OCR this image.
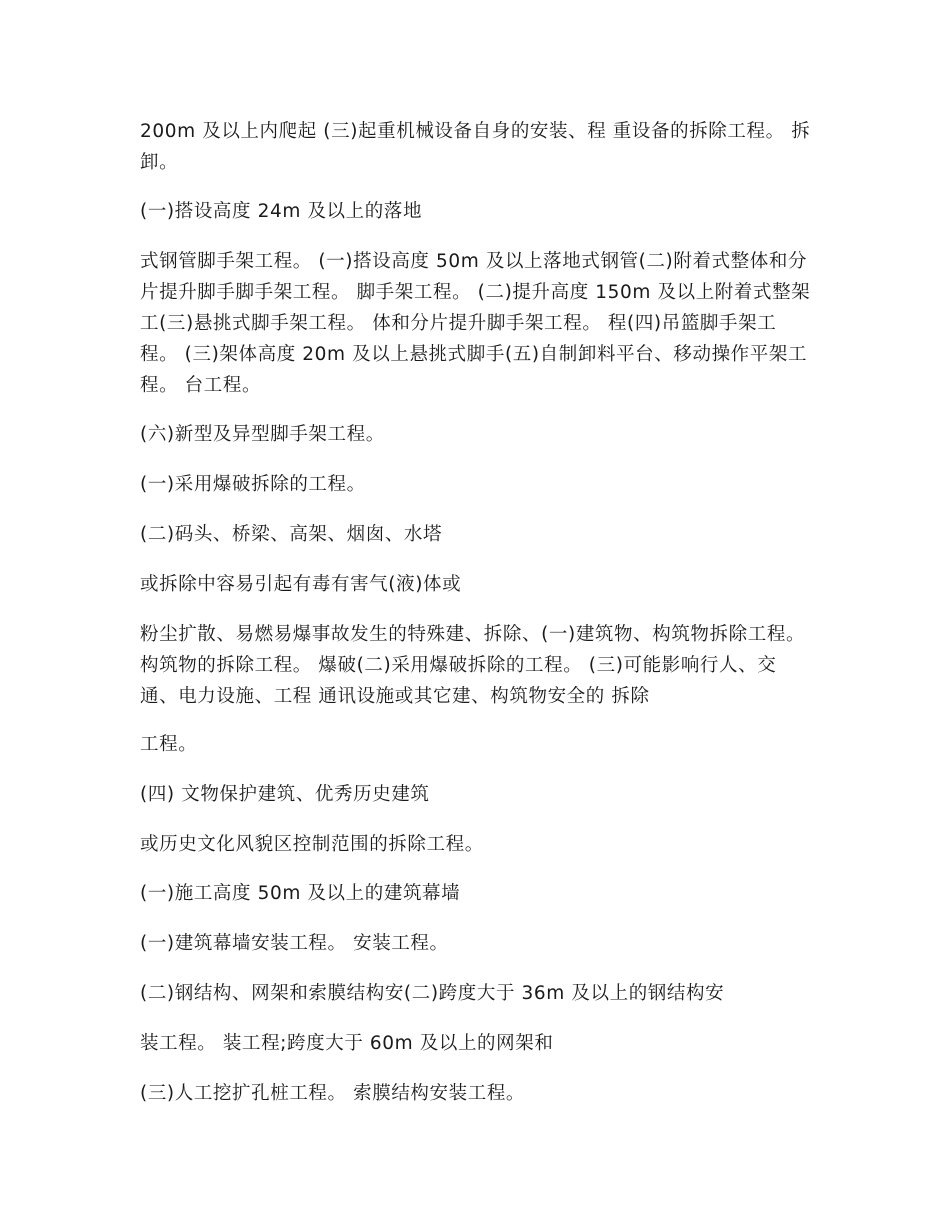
200m 及以上内爬起 (三)起重机械设备自身的安装、程 重设备的拆除工程。 拆卸。

(一)搭设高度 24m 及以上的落地

式钢管脚手架工程。 (一)搭设高度 50m 及以上落地式钢管(二)附着式整体和分片提升脚手脚手架工程。 脚手架工程。 (二)提升高度 150m 及以上附着式整架工(三)悬挑式脚手架工程。 体和分片提升脚手架工程。 程(四)吊篮脚手架工程。 (三)架体高度 20m 及以上悬挑式脚手(五)自制卸料平台、移动操作平架工程。 台工程。

(六)新型及异型脚手架工程。

(一)采用爆破拆除的工程。

(二)码头、桥梁、高架、烟囱、水塔

或拆除中容易引起有毒有害气(液)体或

粉尘扩散、易燃易爆事故发生的特殊建、拆除、(一)建筑物、构筑物拆除工程。 构筑物的拆除工程。 爆破(二)采用爆破拆除的工程。 (三)可能影响行人、交通、电力设施、工程 通讯设施或其它建、构筑物安全的 拆除

工程。

(四) 文物保护建筑、优秀历史建筑

或历史文化风貌区控制范围的拆除工程。

(一)施工高度 50m 及以上的建筑幕墙

(一)建筑幕墙安装工程。 安装工程。

(二)钢结构、网架和索膜结构安(二)跨度大于 36m 及以上的钢结构安

装工程。 装工程;跨度大于 60m 及以上的网架和

(三)人工挖扩孔桩工程。 索膜结构安装工程。
